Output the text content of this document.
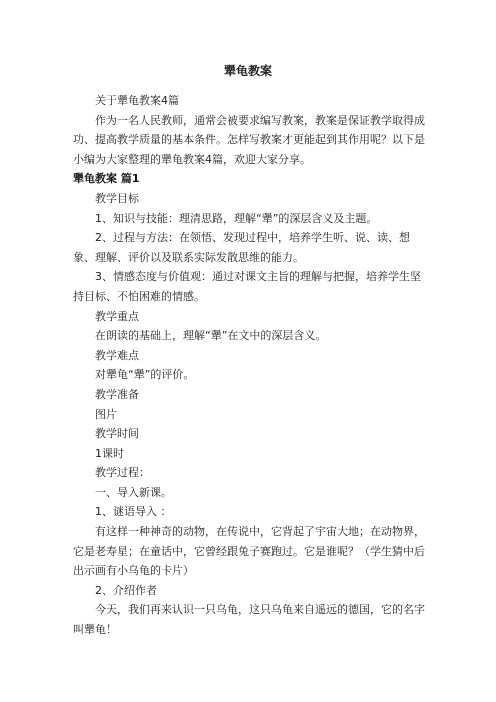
犟龟教案

关于犟龟教案4篇

作为一名人民教师，通常会被要求编写教案，教案是保证教学取得成功、提高教学质量的基本条件。怎样写教案才更能起到其作用呢？以下是小编为大家整理的犟龟教案4篇，欢迎大家分享。

犟龟教案 篇1

教学目标

1、知识与技能：理清思路，理解“犟”的深层含义及主题。

2、过程与方法：在领悟、发现过程中，培养学生听、说、读、想象、理解、评价以及联系实际发散思维的能力。

3、情感态度与价值观：通过对课文主旨的理解与把握，培养学生坚持目标、不怕困难的情感。

教学重点

在朗读的基础上，理解“犟”在文中的深层含义。

教学难点

对犟龟“犟”的评价。

教学准备

图片

教学时间

1课时

教学过程：

一、导入新课。

1、谜语导入 ：

有这样一种神奇的动物，在传说中，它背起了宇宙大地；在动物界，它是老寿星；在童话中，它曾经跟兔子赛跑过。它是谁呢？（学生猜中后出示画有小乌龟的卡片）

2、介绍作者

今天，我们再来认识一只乌龟，这只乌龟来自遥远的德国，它的名字叫犟龟！
